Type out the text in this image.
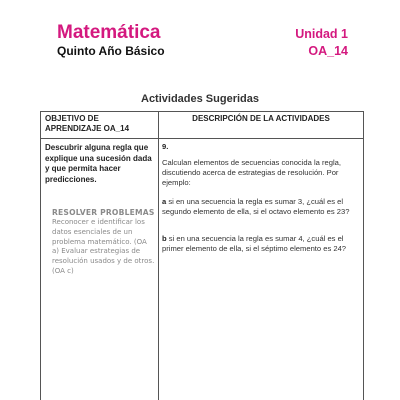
Matemática
Quinto Año Básico
Unidad 1
OA_14
Actividades Sugeridas
OBJETIVO DE APRENDIZAJE OA_14
DESCRIPCIÓN DE LA ACTIVIDADES
Descubrir alguna regla que explique una sucesión dada y que permita hacer predicciones.
RESOLVER PROBLEMAS
Reconocer e identificar los datos esenciales de un problema matemático. (OA a) Evaluar estrategias de resolución usados y de otros. (OA c)
9.
Calculan elementos de secuencias conocida la regla, discutiendo acerca de estrategias de resolución. Por ejemplo:
a si en una secuencia la regla es sumar 3, ¿cuál es el segundo elemento de ella, si el octavo elemento es 23?
b si en una secuencia la regla es sumar 4, ¿cuál es el primer elemento de ella, si el séptimo elemento es 24?
